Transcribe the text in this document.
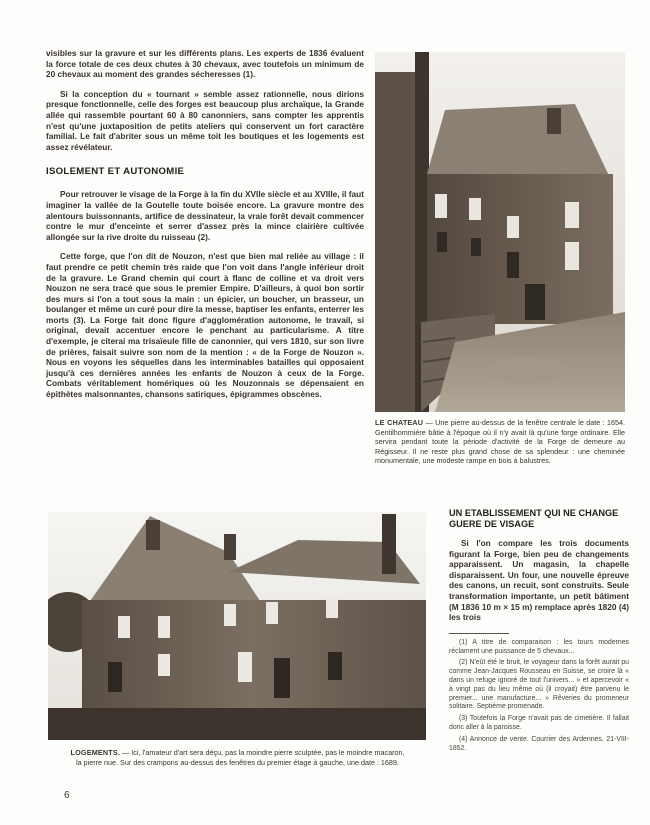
visibles sur la gravure et sur les différents plans. Les experts de 1836 évaluent la force totale de ces deux chutes à 30 chevaux, avec toutefois un minimum de 20 chevaux au moment des grandes sécheresses (1).

Si la conception du « tournant » semble assez rationnelle, nous dirions presque fonctionnelle, celle des forges est beaucoup plus archaïque, la Grande allée qui rassemble pourtant 60 à 80 canonniers, sans compter les apprentis n'est qu'une juxtaposition de petits ateliers qui conservent un fort caractère familial. Le fait d'abriter sous un même toit les boutiques et les logements est assez révélateur.

ISOLEMENT ET AUTONOMIE

Pour retrouver le visage de la Forge à la fin du XVIIe siècle et au XVIIIe, il faut imaginer la vallée de la Goutelle toute boisée encore. La gravure montre des alentours buissonnants, artifice de dessinateur, la vraie forêt devait commencer contre le mur d'enceinte et serrer d'assez près la mince clairière cultivée allongée sur la rive droite du ruisseau (2).

Cette forge, que l'on dit de Nouzon, n'est que bien mal reliée au village : il faut prendre ce petit chemin très raide que l'on voit dans l'angle inférieur droit de la gravure. Le Grand chemin qui court à flanc de colline et va droit vers Nouzon ne sera tracé que sous le premier Empire. D'ailleurs, à quoi bon sortir des murs si l'on a tout sous la main : un épicier, un boucher, un brasseur, un boulanger et même un curé pour dire la messe, baptiser les enfants, enterrer les morts (3). La Forge fait donc figure d'agglomération autonome, le travail, si original, devait accentuer encore le penchant au particularisme. A titre d'exemple, je citerai ma trisaïeule fille de canonnier, qui vers 1810, sur son livre de prières, faisait suivre son nom de la mention : « de la Forge de Nouzon ». Nous en voyons les séquelles dans les interminables batailles qui opposaient jusqu'à ces dernières années les enfants de Nouzon à ceux de la Forge. Combats véritablement homériques où les Nouzonnais se dépensaient en épithètes malsonnantes, chansons satiriques, épigrammes obscènes.

LE CHATEAU — Une pierre au-dessus de la fenêtre centrale le date : 1654. Gentilhommière bâtie à l'époque où il n'y avait là qu'une forge ordinaire. Elle servira pendant toute la période d'activité de la Forge de demeure au Régisseur. Il ne reste plus grand chose de sa splendeur : une cheminée monumentale, une modeste rampe en bois à balustres.
LOGEMENTS. — Ici, l'amateur d'art sera déçu, pas la moindre pierre sculptée, pas le moindre macaron, la pierre nue. Sur des crampons au-dessus des fenêtres du premier étage à gauche, une date : 1689.
UN ETABLISSEMENT QUI NE CHANGE GUERE DE VISAGE

Si l'on compare les trois documents figurant la Forge, bien peu de changements apparaissent. Un magasin, la chapelle disparaissent. Un four, une nouvelle épreuve des canons, un recuit, sont construits. Seule transformation importante, un petit bâtiment (M 1836 10 m × 15 m) remplace après 1820 (4) les trois

(1) A titre de comparaison : les tours modernes réclament une puissance de 5 chevaux...

(2) N'eût été le bruit, le voyageur dans la forêt aurait pu comme Jean-Jacques Rousseau en Suisse, se croire là « dans un refuge ignoré de tout l'univers... » et apercevoir « à vingt pas du lieu même où (il croyait) être parvenu le premier... une manufacture... » Rêveries du promeneur solitaire. Septième promenade.

(3) Toutefois la Forge n'avait pas de cimetière. Il fallait donc aller à la paroisse.

(4) Annonce de vente. Courrier des Ardennes. 21-VIII-1852.

6
